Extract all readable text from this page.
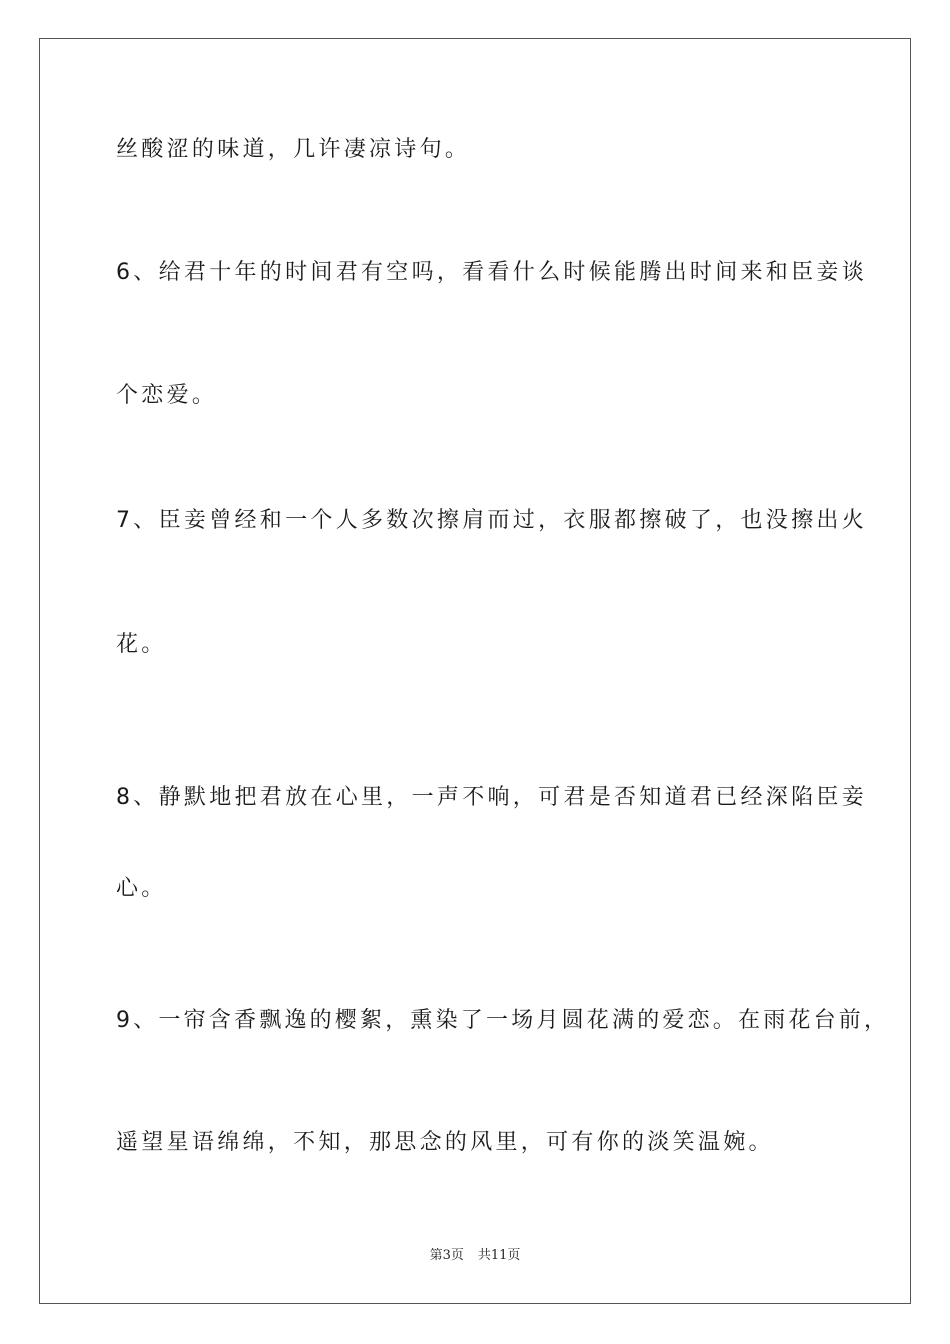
丝酸涩的味道，几许凄凉诗句。
6、给君十年的时间君有空吗，看看什么时候能腾出时间来和臣妾谈
个恋爱。
7、臣妾曾经和一个人多数次擦肩而过，衣服都擦破了，也没擦出火
花。
8、静默地把君放在心里，一声不响，可君是否知道君已经深陷臣妾
心。
9、一帘含香飘逸的樱絮，熏染了一场月圆花满的爱恋。在雨花台前，
遥望星语绵绵，不知，那思念的风里，可有你的淡笑温婉。
第3页 共11页
